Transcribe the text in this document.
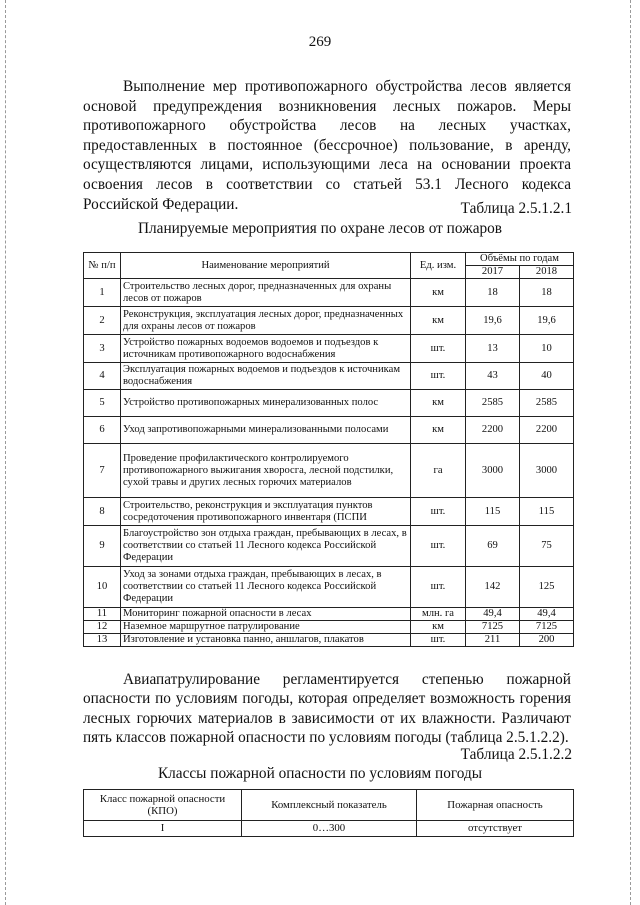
269

Выполнение мер противопожарного обустройства лесов является основой предупреждения возникновения лесных пожаров. Меры противопожарного обустройства лесов на лесных участках, предоставленных в постоянное (бессрочное) пользование, в аренду, осуществляются лицами, использующими леса на основании проекта освоения лесов в соответствии со статьей 53.1 Лесного кодекса Российской Федерации.	Таблица 2.5.1.2.1
Планируемые мероприятия по охране лесов от пожаров
№ п/п	Наименование мероприятий	Ед. изм.	Объёмы по годам	
			2017	2018
1	Строительство лесных дорог, предназначенных для охраны лесов от пожаров	км	18	18
2	Реконструкция, эксплуатация лесных дорог, предназначенных для охраны лесов от пожаров	км	19,6	19,6
3	Устройство пожарных водоемов водоемов и подъездов к источникам противопожарного водоснабжения	шт.	13	10
4	Эксплуатация пожарных водоемов и подъездов к источникам водоснабжения	шт.	43	40
5	Устройство противопожарных минерализованных полос	км	2585	2585
6	Уход запротивопожарными минерализованными полосами	км	2200	2200
7	Проведение профилактического контролируемого противопожарного выжигания хворосга, лесной подстилки, сухой травы и других лесных горючих материалов	га	3000	3000
8	Строительство, реконструкция и эксплуатация пунктов сосредоточения противопожарного инвентаря (ПСПИ	шт.	115	115
9	Благоустройство зон отдыха граждан, пребывающих в лесах, в соответствии со статьей 11 Лесного кодекса Российской Федерации	шт.	69	75
10	Уход за зонами отдыха граждан, пребывающих в лесах, в соответствии со статьей 11 Лесного кодекса Российской Федерации	шт.	142	125
11	Мониторинг пожарной опасности в лесах	млн. га	49,4	49,4
12	Наземное маршрутное патрулирование	км	7125	7125
13	Изготовление и установка панно, аншлагов, плакатов	шт.	211	200

Авиапатрулирование регламентируется степенью пожарной опасности по условиям погоды, которая определяет возможность горения лесных горючих материалов в зависимости от их влажности. Различают пять классов пожарной опасности по условиям погоды (таблица 2.5.1.2.2).

Таблица 2.5.1.2.2
Классы пожарной опасности по условиям погоды
Класс пожарной опасности (КПО)	Комплексный показатель	Пожарная опасность
I	0…300	отсутствует
